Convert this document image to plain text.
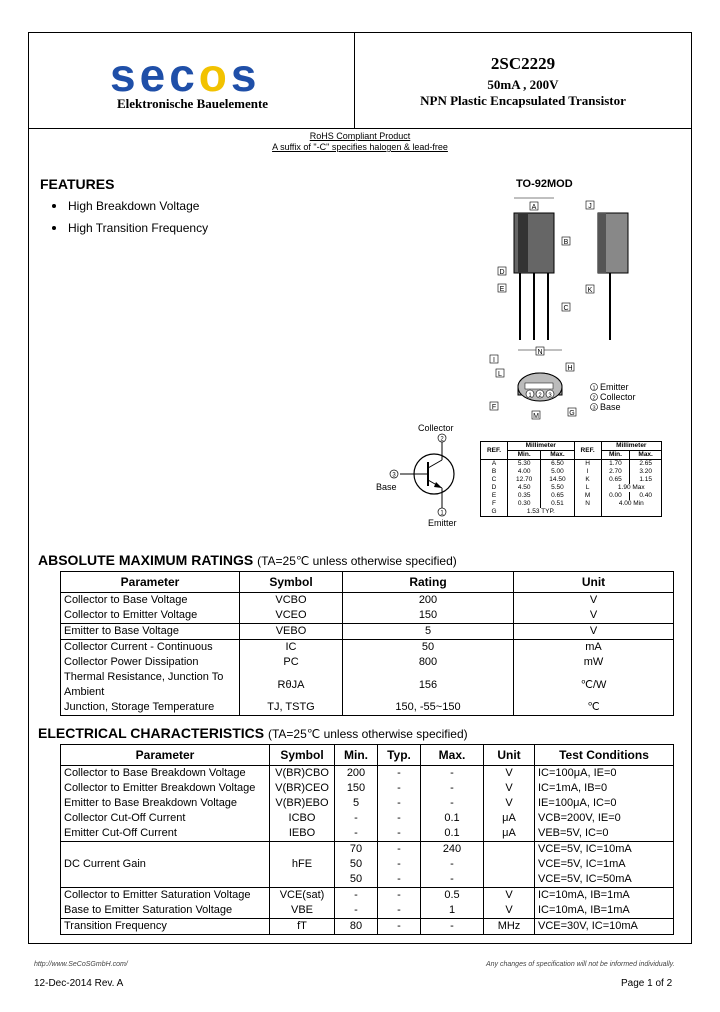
secos
Elektronische Bauelemente
2SC2229
50mA , 200V
NPN Plastic Encapsulated Transistor
RoHS Compliant Product
A suffix of "-C" specifies halogen & lead-free
FEATURES
High Breakdown Voltage
High Transition Frequency
TO-92MOD
A
B
C
D
E
J
K
1 2 3
N
H
L
F
G
M
I
1 Emitter
2 Collector
3 Base
Collector
2
3
Base
1
Emitter
REF.	Millimeter		REF.	Millimeter	
	Min.	Max.		Min.	Max.
A	5.30	6.50	H	1.70	2.65
B	4.00	5.00	I	2.70	3.20
C	12.70	14.50	K	0.65	1.15
D	4.50	5.50	L	1.90 Max	
E	0.35	0.65	M	0.00	0.40
F	0.30	0.51	N	4.00 Min	
G	1.53 TYP.				
ABSOLUTE MAXIMUM RATINGS (TA=25℃ unless otherwise specified)
Parameter	Symbol	Rating	Unit
Collector to Base Voltage	VCBO	200	V
Collector to Emitter Voltage	VCEO	150	V
Emitter to Base Voltage	VEBO	5	V
Collector Current - Continuous	IC	50	mA
Collector Power Dissipation	PC	800	mW
Thermal Resistance, Junction To Ambient	RθJA	156	℃/W
Junction, Storage Temperature	TJ, TSTG	150, -55~150	℃
ELECTRICAL CHARACTERISTICS (TA=25℃ unless otherwise specified)
Parameter	Symbol	Min.	Typ.	Max.	Unit	Test Conditions
Collector to Base Breakdown Voltage	V(BR)CBO	200	-	-	V	IC=100μA, IE=0
Collector to Emitter Breakdown Voltage	V(BR)CEO	150	-	-	V	IC=1mA, IB=0
Emitter to Base Breakdown Voltage	V(BR)EBO	5	-	-	V	IE=100μA, IC=0
Collector Cut-Off Current	ICBO	-	-	0.1	μA	VCB=200V, IE=0
Emitter Cut-Off Current	IEBO	-	-	0.1	μA	VEB=5V, IC=0
		70	-	240		VCE=5V, IC=10mA
DC Current Gain	hFE	50	-	-		VCE=5V, IC=1mA
		50	-	-		VCE=5V, IC=50mA
Collector to Emitter Saturation Voltage	VCE(sat)	-	-	0.5	V	IC=10mA, IB=1mA
Base to Emitter Saturation Voltage	VBE	-	-	1	V	IC=10mA, IB=1mA
Transition Frequency	fT	80	-	-	MHz	VCE=30V, IC=10mA
http://www.SeCoSGmbH.com/	Any changes of specification will not be informed individually.
12-Dec-2014 Rev. A	Page 1 of 2
